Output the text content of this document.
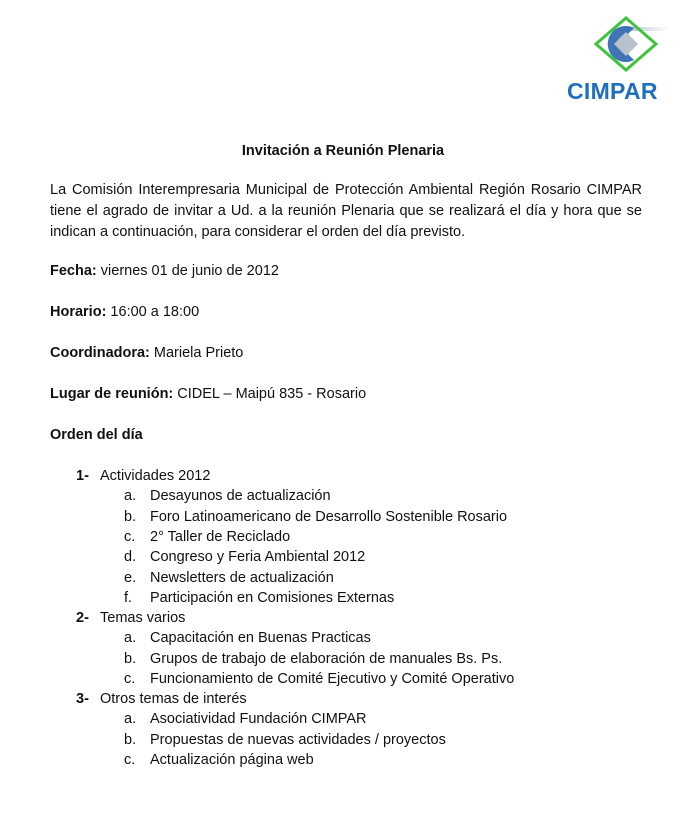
CIMPAR
Invitación a Reunión Plenaria

La Comisión Interempresaria Municipal de Protección Ambiental Región Rosario CIMPAR tiene el agrado de invitar a Ud. a la reunión Plenaria que se realizará el día y hora que se indican a continuación, para considerar el orden del día previsto.

Fecha: viernes 01 de junio de 2012
Horario: 16:00 a 18:00
Coordinadora: Mariela Prieto
Lugar de reunión: CIDEL – Maipú 835 - Rosario
Orden del día
1- Actividades 2012
a. Desayunos de actualización
b. Foro Latinoamericano de Desarrollo Sostenible Rosario
c. 2° Taller de Reciclado
d. Congreso y Feria Ambiental 2012
e. Newsletters de actualización
f. Participación en Comisiones Externas
2- Temas varios
a. Capacitación en Buenas Practicas
b. Grupos de trabajo de elaboración de manuales Bs. Ps.
c. Funcionamiento de Comité Ejecutivo y Comité Operativo
3- Otros temas de interés
a. Asociatividad Fundación CIMPAR
b. Propuestas de nuevas actividades / proyectos
c. Actualización página web
